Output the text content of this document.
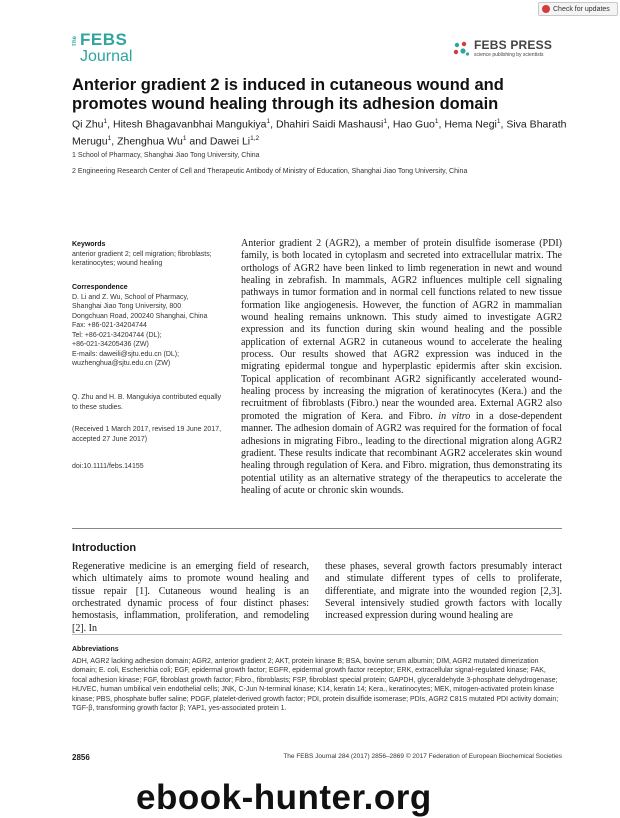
Check for updates
The FEBS
Journal
FEBS PRESS
science publishing by scientists
Anterior gradient 2 is induced in cutaneous wound and promotes wound healing through its adhesion domain

Qi Zhu$^1$, Hitesh Bhagavanbhai Mangukiya$^1$, Dhahiri Saidi Mashausi$^1$, Hao Guo$^1$, Hema Negi$^1$, Siva Bharath Merugu$^1$, Zhenghua Wu$^1$ and Dawei Li$^{1,2}$

1 School of Pharmacy, Shanghai Jiao Tong University, China

2 Engineering Research Center of Cell and Therapeutic Antibody of Ministry of Education, Shanghai Jiao Tong University, China

Keywords

anterior gradient 2; cell migration; fibroblasts; keratinocytes; wound healing

Correspondence

D. Li and Z. Wu, School of Pharmacy,

Shanghai Jiao Tong University, 800

Dongchuan Road, 200240 Shanghai, China

Fax: +86-021-34204744

Tel: +86-021-34204744 (DL);

+86-021-34205436 (ZW)

E-mails: daweili@sjtu.edu.cn (DL);

wuzhenghua@sjtu.edu.cn (ZW)

Q. Zhu and H. B. Mangukiya contributed equally to these studies.

(Received 1 March 2017, revised 19 June 2017, accepted 27 June 2017)

doi:10.1111/febs.14155

Anterior gradient 2 (AGR2), a member of protein disulfide isomerase (PDI) family, is both located in cytoplasm and secreted into extracellular matrix. The orthologs of AGR2 have been linked to limb regeneration in newt and wound healing in zebrafish. In mammals, AGR2 influences multiple cell signaling pathways in tumor formation and in normal cell functions related to new tissue formation like angiogenesis. However, the function of AGR2 in mammalian wound healing remains unknown. This study aimed to investigate AGR2 expression and its function during skin wound healing and the possible application of external AGR2 in cutaneous wound to accelerate the healing process. Our results showed that AGR2 expression was induced in the migrating epidermal tongue and hyperplastic epidermis after skin excision. Topical application of recombinant AGR2 significantly accelerated wound-healing process by increasing the migration of keratinocytes (Kera.) and the recruitment of fibroblasts (Fibro.) near the wounded area. External AGR2 also promoted the migration of Kera. and Fibro. in vitro in a dose-dependent manner. The adhesion domain of AGR2 was required for the formation of focal adhesions in migrating Fibro., leading to the directional migration along AGR2 gradient. These results indicate that recombinant AGR2 accelerates skin wound healing through regulation of Kera. and Fibro. migration, thus demonstrating its potential utility as an alternative strategy of the therapeutics to accelerate the healing of acute or chronic skin wounds.

Introduction

Regenerative medicine is an emerging field of research, which ultimately aims to promote wound healing and tissue repair [1]. Cutaneous wound healing is an orchestrated dynamic process of four distinct phases: hemostasis, inflammation, proliferation, and remodeling [2]. In

these phases, several growth factors presumably interact and stimulate different types of cells to proliferate, differentiate, and migrate into the wounded region [2,3]. Several intensively studied growth factors with locally increased expression during wound healing are

Abbreviations

ADH, AGR2 lacking adhesion domain; AGR2, anterior gradient 2; AKT, protein kinase B; BSA, bovine serum albumin; DIM, AGR2 mutated dimerization domain; E. coli, Escherichia coli; EGF, epidermal growth factor; EGFR, epidermal growth factor receptor; ERK, extracellular signal-regulated kinase; FAK, focal adhesion kinase; FGF, fibroblast growth factor; Fibro., fibroblasts; FSP, fibroblast special protein; GAPDH, glyceraldehyde 3-phosphate dehydrogenase; HUVEC, human umbilical vein endothelial cells; JNK, C-Jun N-terminal kinase; K14, keratin 14; Kera., keratinocytes; MEK, mitogen-activated protein kinase kinase; PBS, phosphate buffer saline; PDGF, platelet-derived growth factor; PDI, protein disulfide isomerase; PDIs, AGR2 C81S mutated PDI activity domain; TGF-β, transforming growth factor β; YAP1, yes-associated protein 1.

2856	The FEBS Journal 284 (2017) 2856–2869 © 2017 Federation of European Biochemical Societies

ebook-hunter.org
